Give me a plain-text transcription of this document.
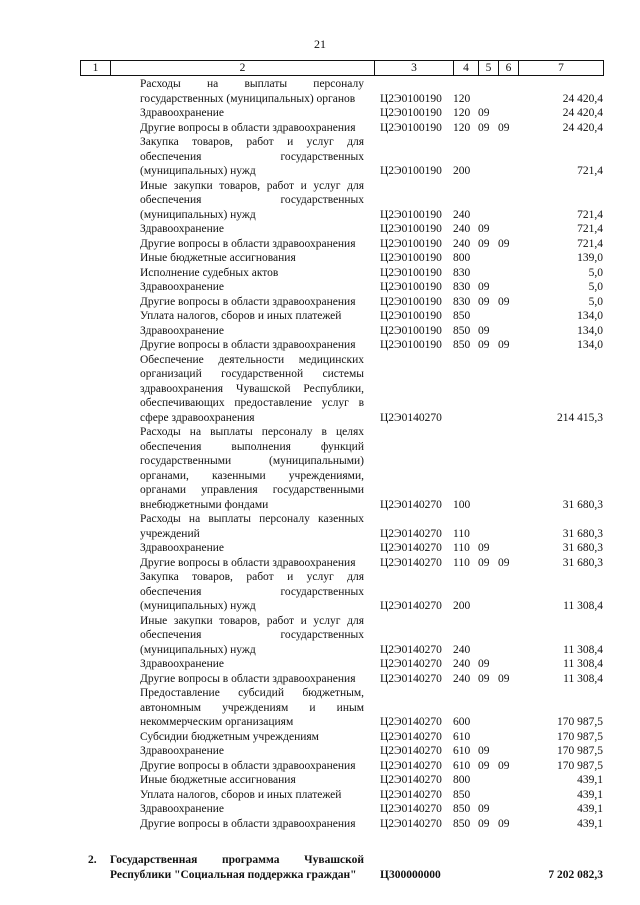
21
1	2	3	4	5	6	7
	Расходы на выплаты персоналу государственных (муниципальных) органов	Ц2Э0100190	120			24 420,4
	Здравоохранение	Ц2Э0100190	120	09		24 420,4
	Другие вопросы в области здравоохранения	Ц2Э0100190	120	09	09	24 420,4
	Закупка товаров, работ и услуг для обеспечения государственных (муниципальных) нужд	Ц2Э0100190	200			721,4
	Иные закупки товаров, работ и услуг для обеспечения государственных (муниципальных) нужд	Ц2Э0100190	240			721,4
	Здравоохранение	Ц2Э0100190	240	09		721,4
	Другие вопросы в области здравоохранения	Ц2Э0100190	240	09	09	721,4
	Иные бюджетные ассигнования	Ц2Э0100190	800			139,0
	Исполнение судебных актов	Ц2Э0100190	830			5,0
	Здравоохранение	Ц2Э0100190	830	09		5,0
	Другие вопросы в области здравоохранения	Ц2Э0100190	830	09	09	5,0
	Уплата налогов, сборов и иных платежей	Ц2Э0100190	850			134,0
	Здравоохранение	Ц2Э0100190	850	09		134,0
	Другие вопросы в области здравоохранения	Ц2Э0100190	850	09	09	134,0
	Обеспечение деятельности медицинских организаций государственной системы здравоохранения Чувашской Республики, обеспечивающих предоставление услуг в сфере здравоохранения	Ц2Э0140270				214 415,3
	Расходы на выплаты персоналу в целях обеспечения выполнения функций государственными (муниципальными) органами, казенными учреждениями, органами управления государственными внебюджетными фондами	Ц2Э0140270	100			31 680,3
	Расходы на выплаты персоналу казенных учреждений	Ц2Э0140270	110			31 680,3
	Здравоохранение	Ц2Э0140270	110	09		31 680,3
	Другие вопросы в области здравоохранения	Ц2Э0140270	110	09	09	31 680,3
	Закупка товаров, работ и услуг для обеспечения государственных (муниципальных) нужд	Ц2Э0140270	200			11 308,4
	Иные закупки товаров, работ и услуг для обеспечения государственных (муниципальных) нужд	Ц2Э0140270	240			11 308,4
	Здравоохранение	Ц2Э0140270	240	09		11 308,4
	Другие вопросы в области здравоохранения	Ц2Э0140270	240	09	09	11 308,4
	Предоставление субсидий бюджетным, автономным учреждениям и иным некоммерческим организациям	Ц2Э0140270	600			170 987,5
	Субсидии бюджетным учреждениям	Ц2Э0140270	610			170 987,5
	Здравоохранение	Ц2Э0140270	610	09		170 987,5
	Другие вопросы в области здравоохранения	Ц2Э0140270	610	09	09	170 987,5
	Иные бюджетные ассигнования	Ц2Э0140270	800			439,1
	Уплата налогов, сборов и иных платежей	Ц2Э0140270	850			439,1
	Здравоохранение	Ц2Э0140270	850	09		439,1
	Другие вопросы в области здравоохранения	Ц2Э0140270	850	09	09	439,1

2.	Государственная программа Чувашской Республики "Социальная поддержка граждан"	Ц300000000				7 202 082,3
